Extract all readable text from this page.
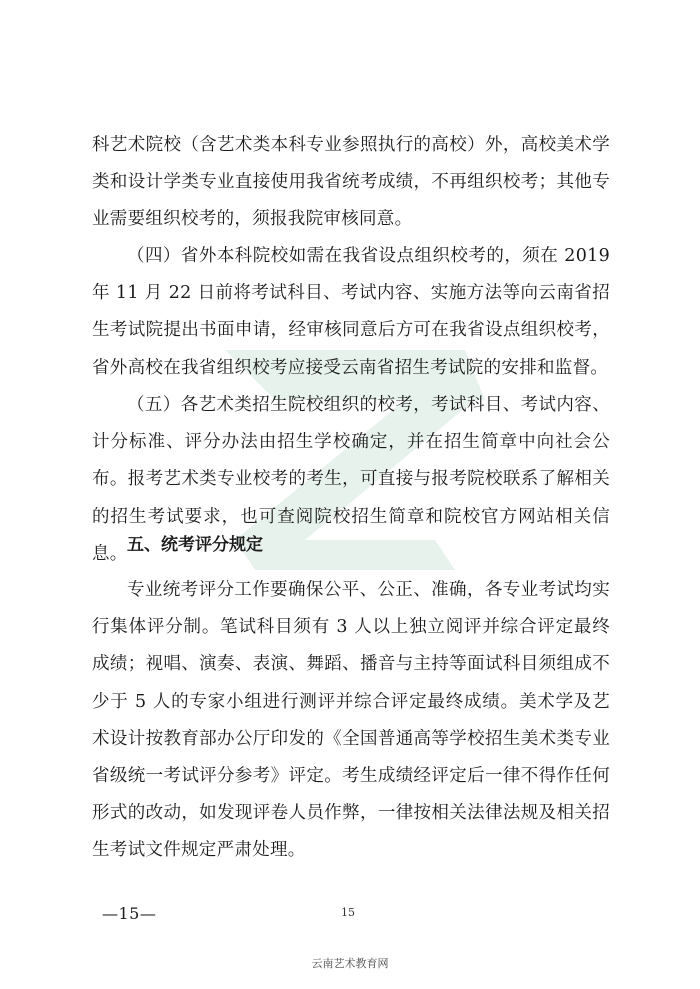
科艺术院校（含艺术类本科专业参照执行的高校）外，高校美术学类和设计学类专业直接使用我省统考成绩，不再组织校考；其他专业需要组织校考的，须报我院审核同意。

（四）省外本科院校如需在我省设点组织校考的，须在 2019 年 11 月 22 日前将考试科目、考试内容、实施方法等向云南省招生考试院提出书面申请，经审核同意后方可在我省设点组织校考，省外高校在我省组织校考应接受云南省招生考试院的安排和监督。

（五）各艺术类招生院校组织的校考，考试科目、考试内容、计分标准、评分办法由招生学校确定，并在招生简章中向社会公布。报考艺术类专业校考的考生，可直接与报考院校联系了解相关的招生考试要求，也可查阅院校招生简章和院校官方网站相关信息。 五、统考评分规定

专业统考评分工作要确保公平、公正、准确，各专业考试均实行集体评分制。笔试科目须有 3 人以上独立阅评并综合评定最终成绩；视唱、演奏、表演、舞蹈、播音与主持等面试科目须组成不少于 5 人的专家小组进行测评并综合评定最终成绩。美术学及艺术设计按教育部办公厅印发的《全国普通高等学校招生美术类专业省级统一考试评分参考》评定。考生成绩经评定后一律不得作任何形式的改动，如发现评卷人员作弊，一律按相关法律法规及相关招生考试文件规定严肃处理。

—15—	15
云南艺术教育网
